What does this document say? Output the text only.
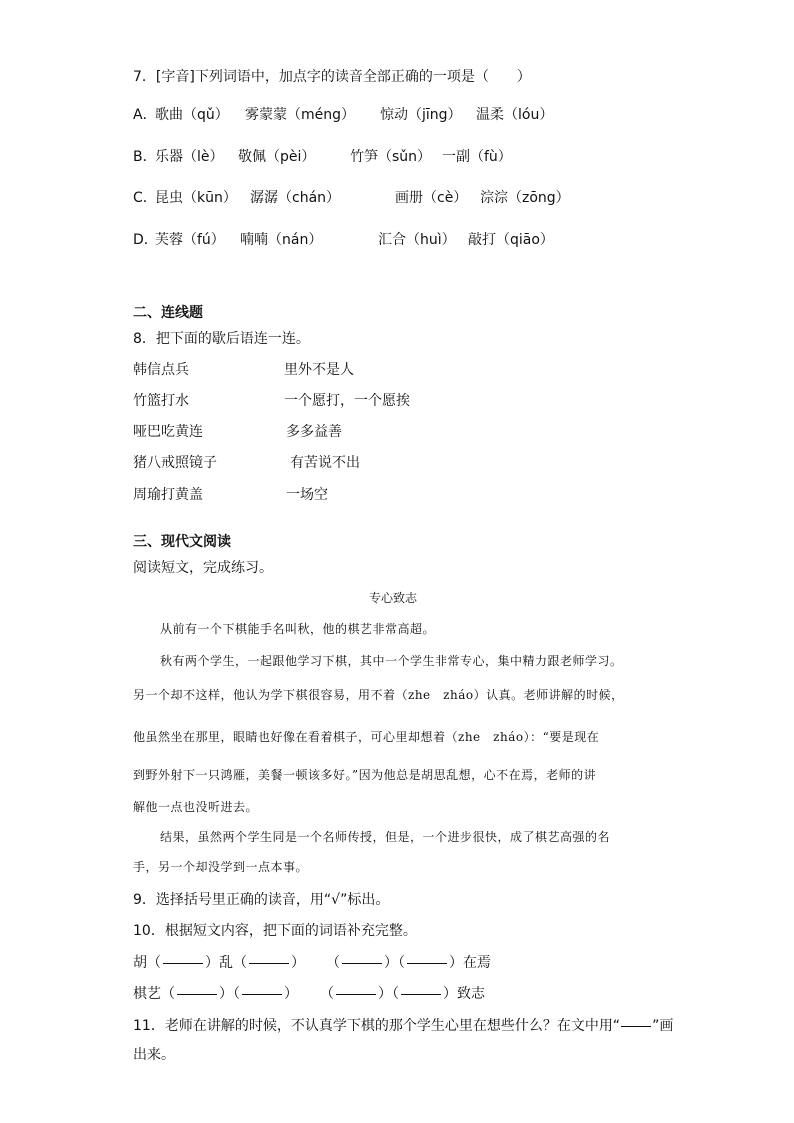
7．[字音]下列词语中，加点字的读音全部正确的一项是（　　）
A．
歌曲（qǔ） 雾蒙蒙（méng） 惊动（jīng） 温柔（lóu）
B．
乐器（lè） 敬佩（pèi） 竹笋（sǔn） 一副（fù）
C．
昆虫（kūn） 潺潺（chán）	画册（cè） 淙淙（zōng）
D．
芙蓉（fú） 喃喃（nán）	汇合（huì） 敲打（qiāo）
二、连线题
8．把下面的歇后语连一连。
韩信点兵
竹篮打水
哑巴吃黄连
猪八戒照镜子
周瑜打黄盖
里外不是人
一个愿打，一个愿挨
多多益善
有苦说不出
一场空
三、现代文阅读
阅读短文，完成练习。
专心致志
从前有一个下棋能手名叫秋，他的棋艺非常高超。
秋有两个学生，一起跟他学习下棋，其中一个学生非常专心，集中精力跟老师学习。
另一个却不这样，他认为学下棋很容易，用不着（zhe　zháo）认真。老师讲解的时候，
他虽然坐在那里，眼睛也好像在看着棋子，可心里却想着（zhe　zháo）：“要是现在
到野外射下一只鸿雁，美餐一顿该多好。”因为他总是胡思乱想，心不在焉，老师的讲
解他一点也没听进去。
结果，虽然两个学生同是一个名师传授，但是，一个进步很快，成了棋艺高强的名
手，另一个却没学到一点本事。
9．选择括号里正确的读音，用“√”标出。
10．根据短文内容，把下面的词语补充完整。
胡（	）乱（	） （	）（	）在焉
棋艺（	）（	） （	）（	）致志
11．老师在讲解的时候，不认真学下棋的那个学生心里在想些什么？在文中用“ ”画
出来。
